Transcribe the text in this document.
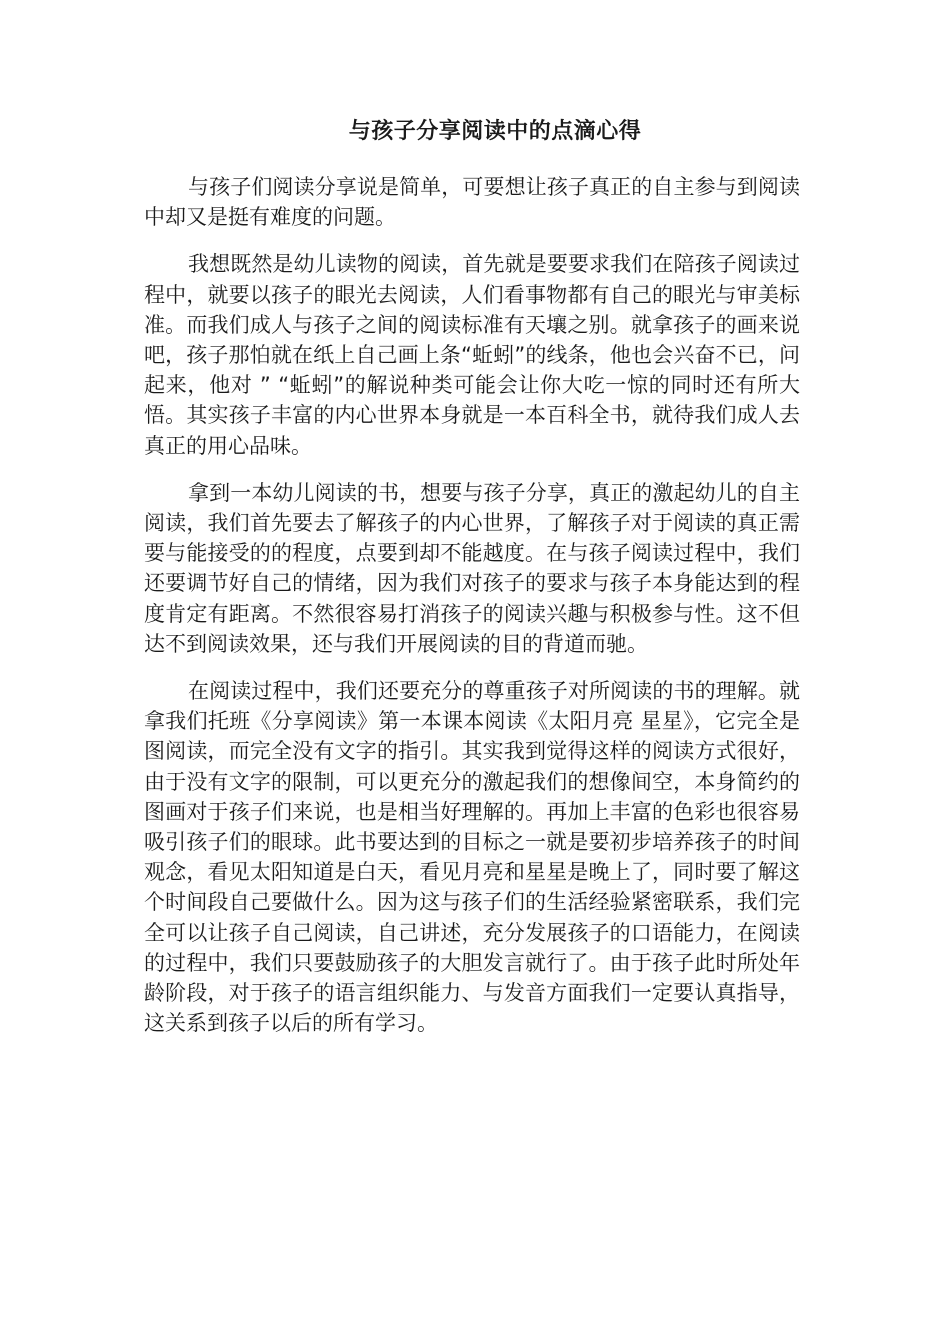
与孩子分享阅读中的点滴心得

与孩子们阅读分享说是简单，可要想让孩子真正的自主参与到阅读中却又是挺有难度的问题。

我想既然是幼儿读物的阅读，首先就是要要求我们在陪孩子阅读过程中，就要以孩子的眼光去阅读，人们看事物都有自己的眼光与审美标准。而我们成人与孩子之间的阅读标准有天壤之别。就拿孩子的画来说吧，孩子那怕就在纸上自己画上条“蚯蚓”的线条，他也会兴奋不已，问起来，他对 ” “蚯蚓”的解说种类可能会让你大吃一惊的同时还有所大悟。其实孩子丰富的内心世界本身就是一本百科全书，就待我们成人去真正的用心品味。

拿到一本幼儿阅读的书，想要与孩子分享，真正的激起幼儿的自主阅读，我们首先要去了解孩子的内心世界，了解孩子对于阅读的真正需要与能接受的的程度，点要到却不能越度。在与孩子阅读过程中，我们还要调节好自己的情绪，因为我们对孩子的要求与孩子本身能达到的程度肯定有距离。不然很容易打消孩子的阅读兴趣与积极参与性。这不但达不到阅读效果，还与我们开展阅读的目的背道而驰。

在阅读过程中，我们还要充分的尊重孩子对所阅读的书的理解。就拿我们托班《分享阅读》第一本课本阅读《太阳月亮 星星》，它完全是图阅读，而完全没有文字的指引。其实我到觉得这样的阅读方式很好，由于没有文字的限制，可以更充分的激起我们的想像间空，本身简约的图画对于孩子们来说，也是相当好理解的。再加上丰富的色彩也很容易吸引孩子们的眼球。此书要达到的目标之一就是要初步培养孩子的时间观念，看见太阳知道是白天，看见月亮和星星是晚上了，同时要了解这个时间段自己要做什么。因为这与孩子们的生活经验紧密联系，我们完全可以让孩子自己阅读，自己讲述，充分发展孩子的口语能力，在阅读的过程中，我们只要鼓励孩子的大胆发言就行了。由于孩子此时所处年龄阶段，对于孩子的语言组织能力、与发音方面我们一定要认真指导，这关系到孩子以后的所有学习。
